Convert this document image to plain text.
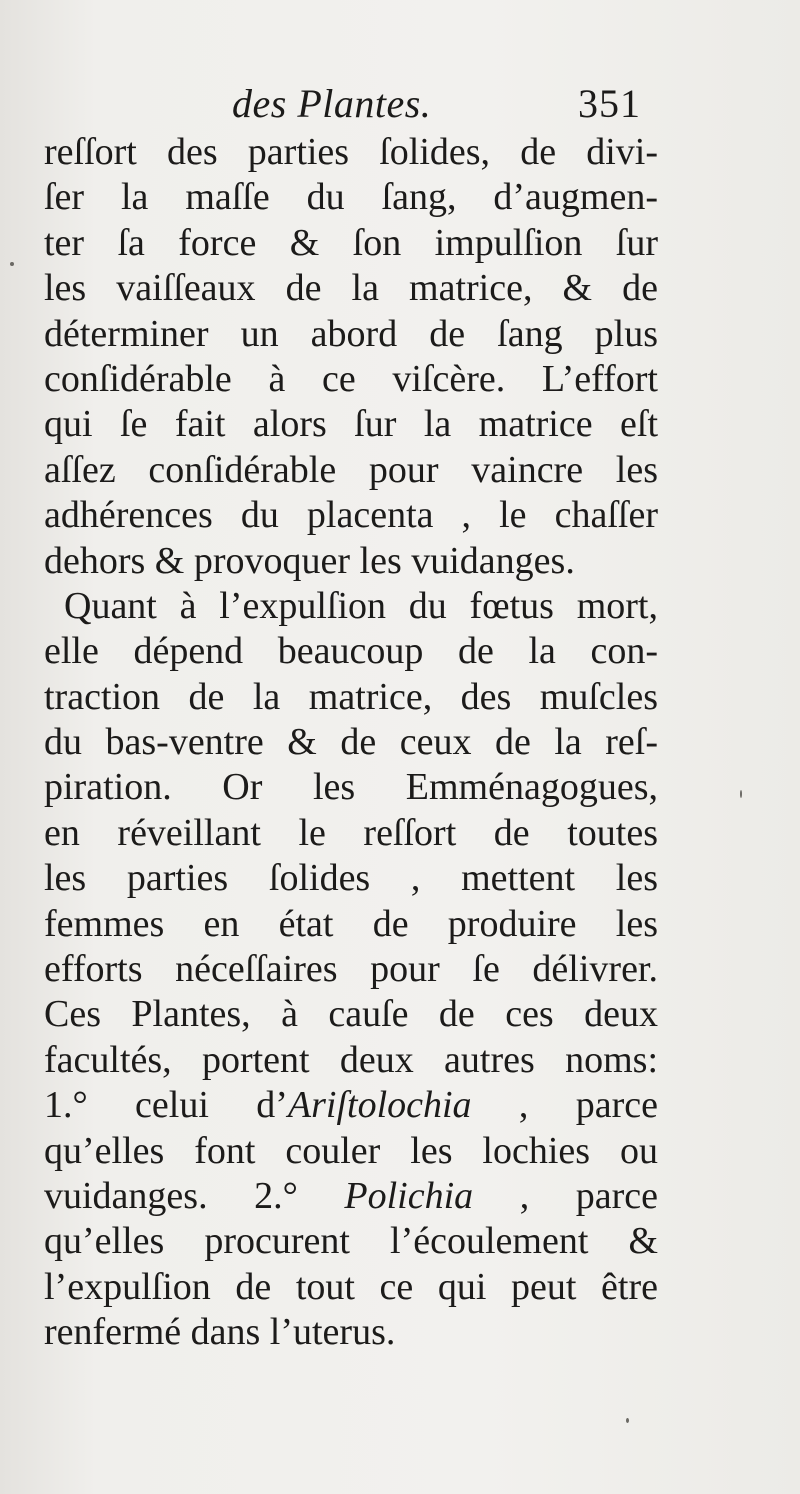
des Plantes.	351
reſſort des parties ſolides, de divi-
ſer la maſſe du ſang, d’augmen-
ter ſa force & ſon impulſion ſur
les vaiſſeaux de la matrice, & de
déterminer un abord de ſang plus
conſidérable à ce viſcère. L’effort
qui ſe fait alors ſur la matrice eſt
aſſez conſidérable pour vaincre les
adhérences du placenta , le chaſſer
dehors & provoquer les vuidanges.
Quant à l’expulſion du fœtus mort,
elle dépend beaucoup de la con-
traction de la matrice, des muſcles
du bas-ventre & de ceux de la reſ-
piration. Or les Emménagogues,
en réveillant le reſſort de toutes
les parties ſolides , mettent les
femmes en état de produire les
efforts néceſſaires pour ſe délivrer.
Ces Plantes, à cauſe de ces deux
facultés, portent deux autres noms:
1.° celui d’Ariſtolochia , parce
qu’elles font couler les lochies ou
vuidanges. 2.° Polichia , parce
qu’elles procurent l’écoulement &
l’expulſion de tout ce qui peut être
renfermé dans l’uterus.
